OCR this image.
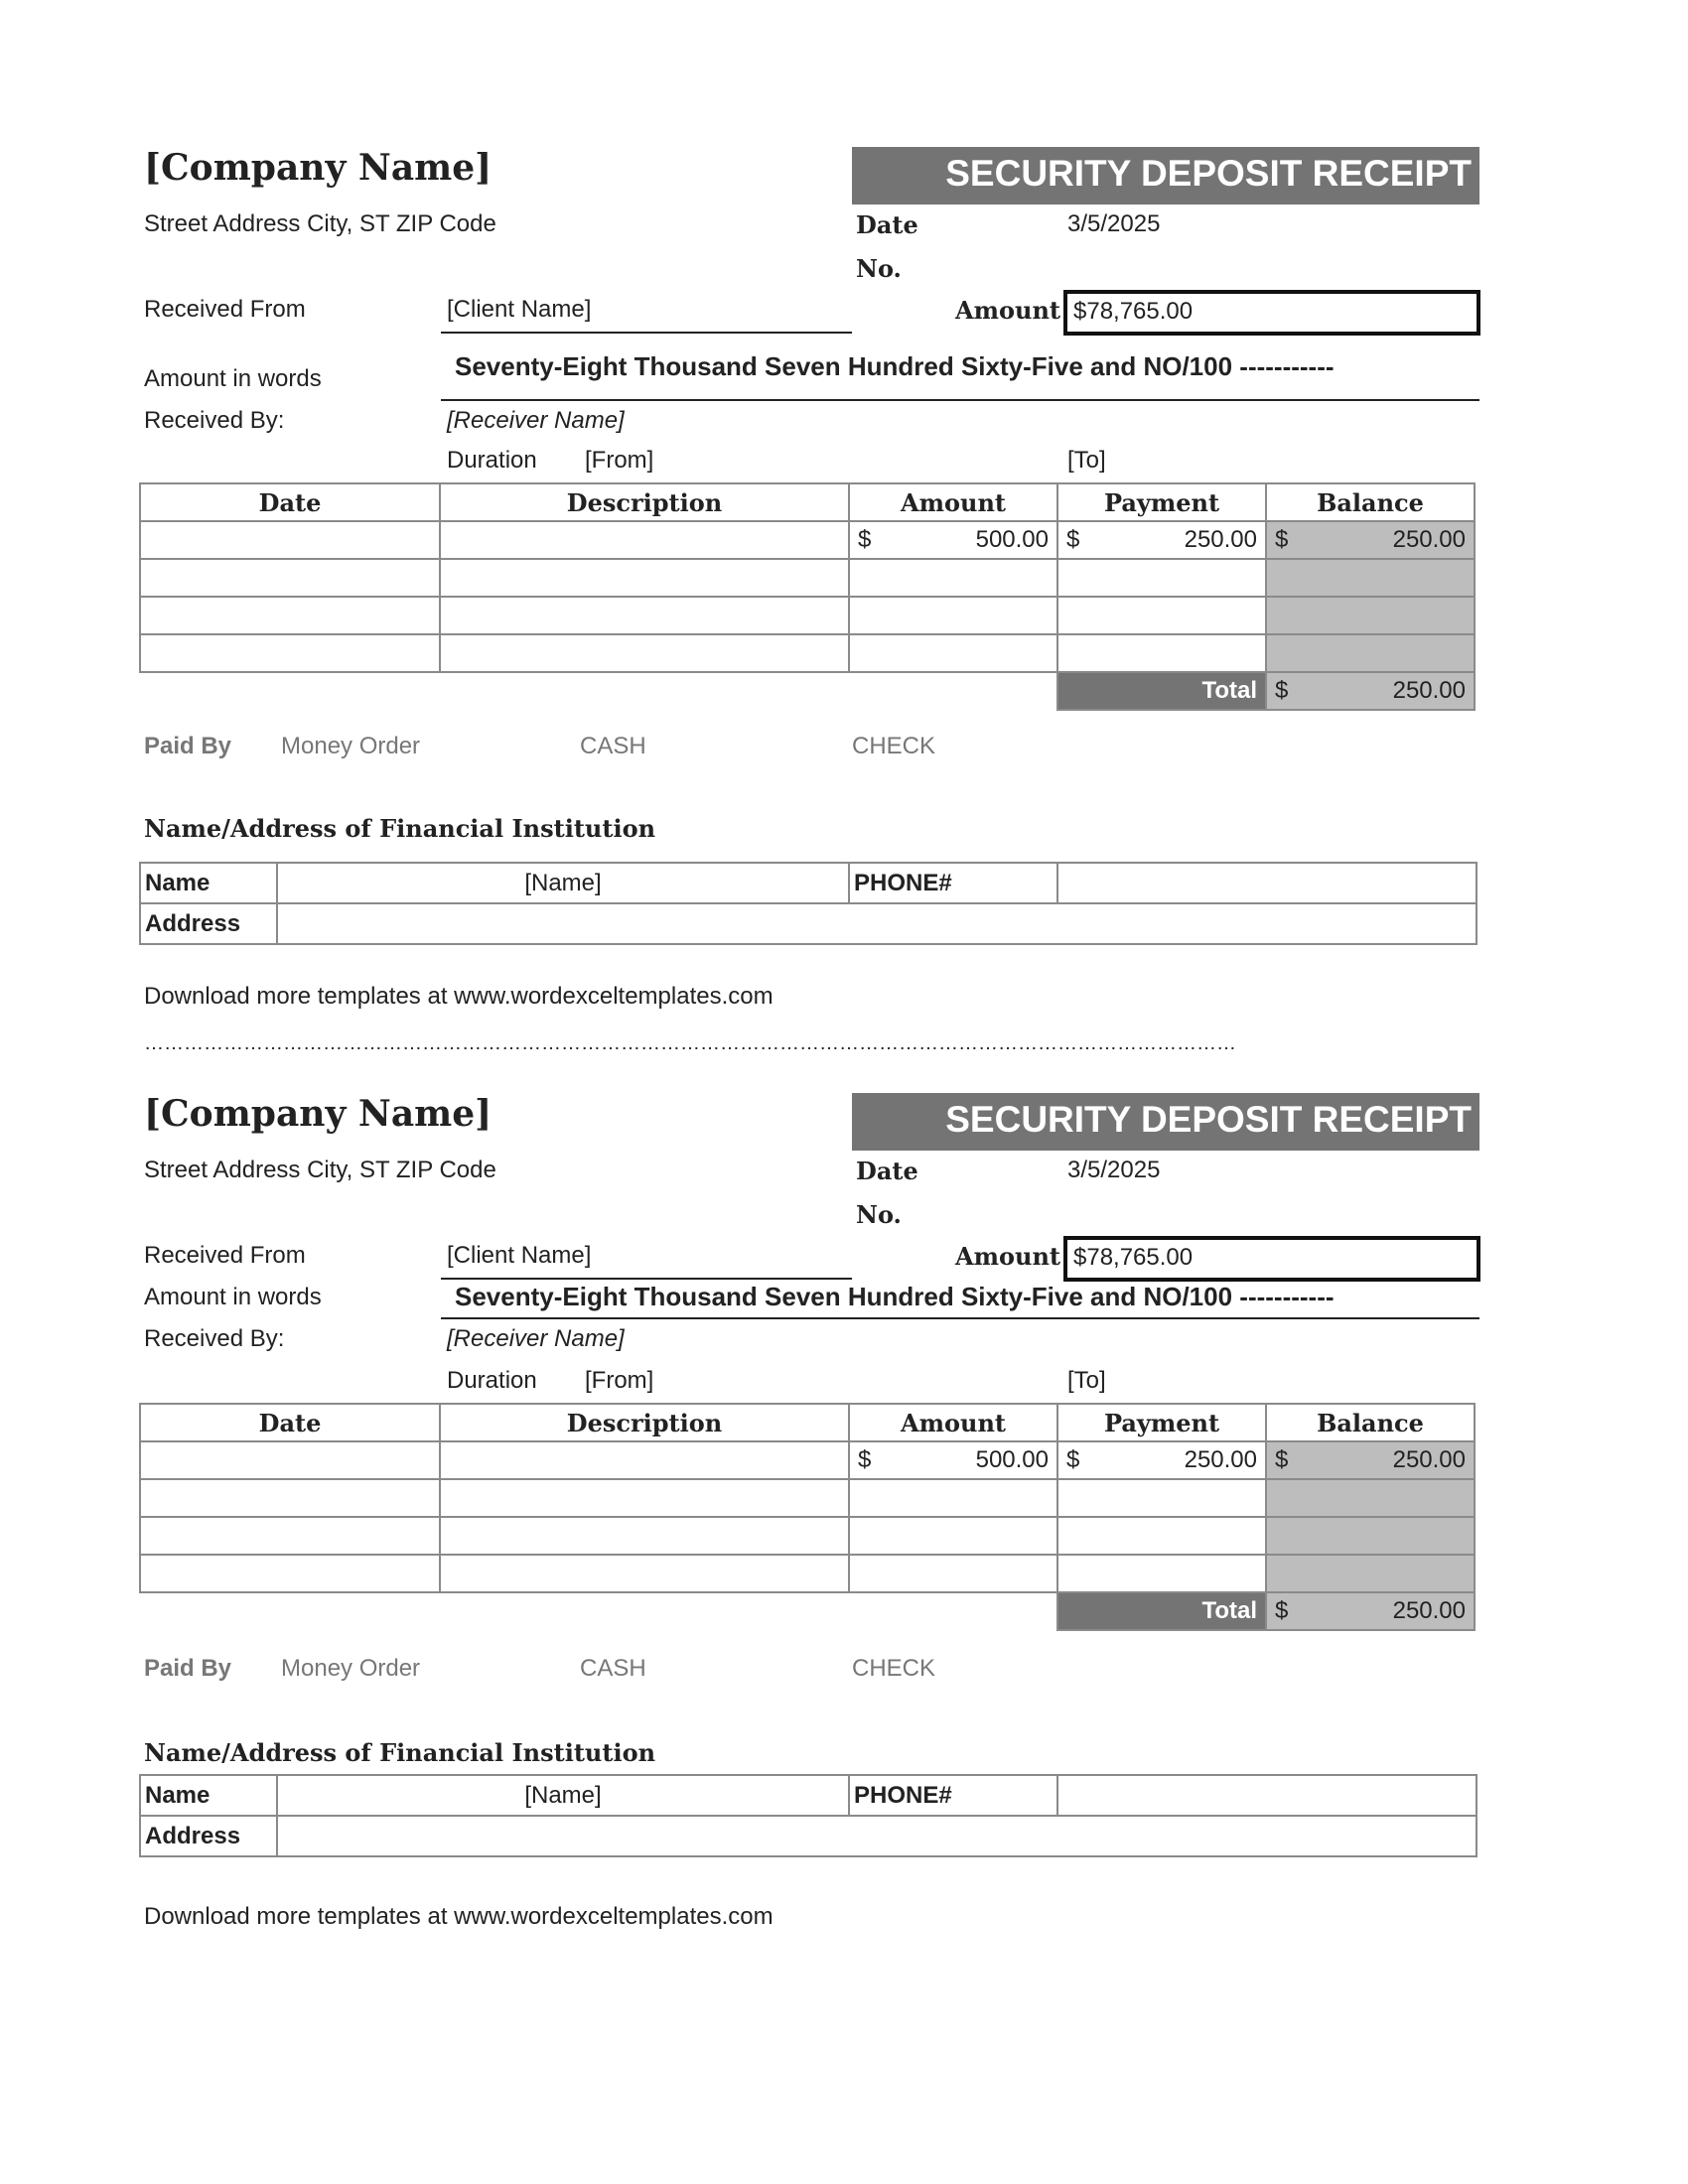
[Company Name]
Street Address City, ST ZIP Code
SECURITY DEPOSIT RECEIPT
Date	3/5/2025
No.
Received From	[Client Name]	Amount $78,765.00
Amount in words	Seventy-Eight Thousand Seven Hundred Sixty-Five and NO/100 -----------
Received By:	[Receiver Name]
Duration [From]	[To]
Date	Description	Amount	Payment	Balance

		$ 500.00	$ 250.00	$ 250.00

			Total	$ 250.00
Paid By Money Order	CASH	CHECK
Name/Address of Financial Institution
Name	[Name]	PHONE#	
Address			
Download more templates at www.wordexceltemplates.com
…………………………………………………………………………………………………………………………………………………
[Company Name]
Street Address City, ST ZIP Code
SECURITY DEPOSIT RECEIPT
Date	3/5/2025
No.
Received From	[Client Name]	Amount $78,765.00
Amount in words	Seventy-Eight Thousand Seven Hundred Sixty-Five and NO/100 -----------
Received By:	[Receiver Name]
Duration [From]	[To]
Date	Description	Amount	Payment	Balance

		$ 500.00	$ 250.00	$ 250.00

			Total	$ 250.00
Paid By Money Order	CASH	CHECK
Name/Address of Financial Institution
Name	[Name]	PHONE#	
Address			
Download more templates at www.wordexceltemplates.com
